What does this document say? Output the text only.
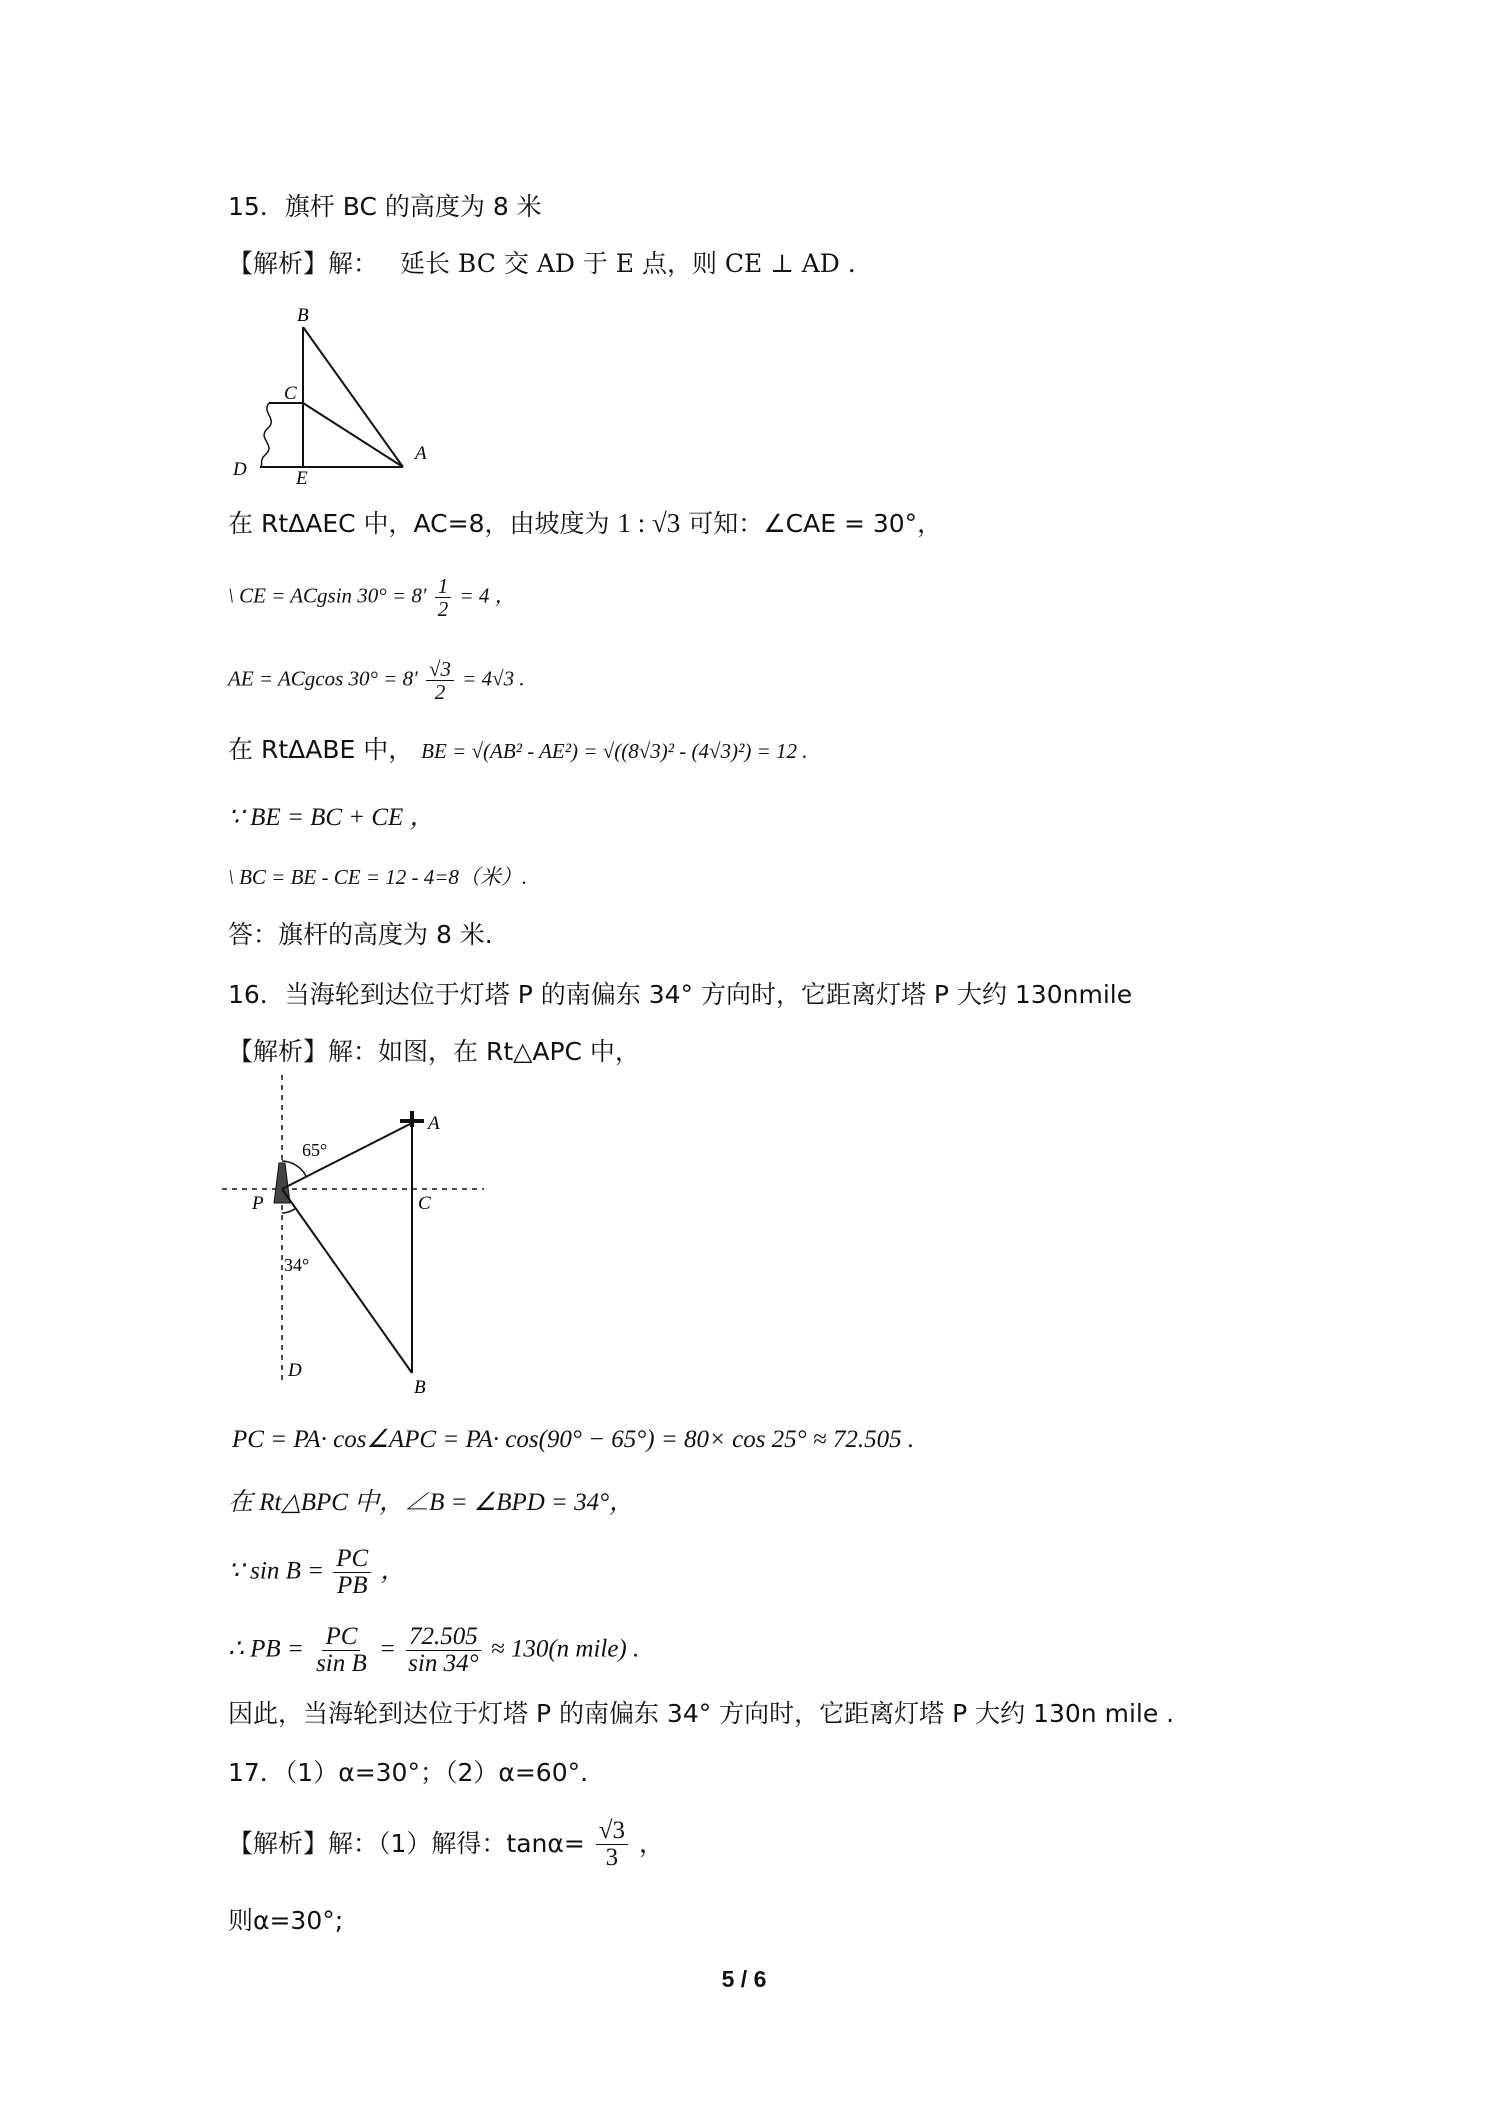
15．旗杆 BC 的高度为 8 米
【解析】解： 延长 BC 交 AD 于 E 点，则 CE ⊥ AD .
B
C
D	E
A
在 RtΔAEC 中，AC=8，由坡度为 1 : √3 可知：∠CAE = 30°，
\ CE = ACgsin $30^\circ = 8' \frac{1}{2} = 4$ ，
AE = ACgcos $30^\circ = 8' \frac{√3}{2} = 4√3$ .
在 RtΔABE 中， BE = √(AB² - AE²) = √((8√3)² - (4√3)²) = 12 .
∵ BE = BC + CE ，
\ BC = BE - CE = 12 - 4=8（米）.
答：旗杆的高度为 8 米.
16．当海轮到达位于灯塔 P 的南偏东 34° 方向时，它距离灯塔 P 大约 130nmile
【解析】解：如图，在 Rt△APC 中，
A
P	C
D
B
65°
34°
PC = PA· cos∠APC = PA· cos(90° − 65°) = 80× cos 25° ≈ 72.505 .
在 Rt△BPC 中，∠B = ∠BPD = 34°，
∵ $\sin B = \frac{PC}{PB}$ ，
∴ PB = $\frac{PC}{\text{sin B}} = \frac{72.505}{\sin 34^\circ} \approx 130(n$ mile) .
因此，当海轮到达位于灯塔 P 的南偏东 34° 方向时，它距离灯塔 P 大约 130n mile .
17．（1）α=30°；（2）α=60°.
【解析】解：（1）解得：$\tan\alpha= \frac{√3}{3}$ ，
则α=30°;
5 / 6
